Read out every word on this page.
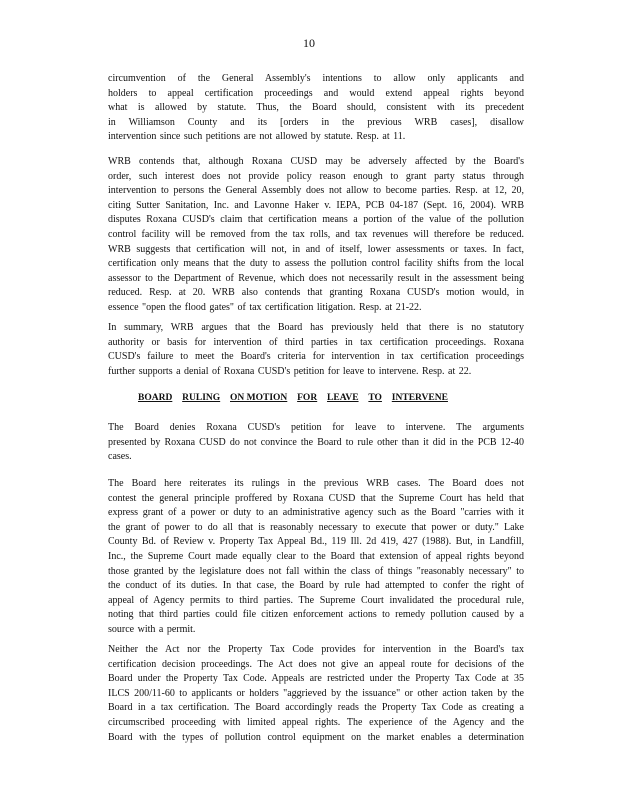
10

circumvention of the General Assembly's intentions to allow only applicants and
holders to appeal certification proceedings and would extend appeal rights beyond
what is allowed by statute. Thus, the Board should, consistent with its precedent
in Williamson County and its [orders in the previous WRB cases], disallow
intervention since such petitions are not allowed by statute. Resp. at 11.

WRB contends that, although Roxana CUSD may be adversely affected by the Board's
order, such interest does not provide policy reason enough to grant party status through
intervention to persons the General Assembly does not allow to become parties. Resp. at 12, 20,
citing Sutter Sanitation, Inc. and Lavonne Haker v. IEPA, PCB 04-187 (Sept. 16, 2004). WRB
disputes Roxana CUSD's claim that certification means a portion of the value of the pollution
control facility will be removed from the tax rolls, and tax revenues will therefore be reduced.
WRB suggests that certification will not, in and of itself, lower assessments or taxes. In fact,
certification only means that the duty to assess the pollution control facility shifts from the local
assessor to the Department of Revenue, which does not necessarily result in the assessment being
reduced. Resp. at 20. WRB also contends that granting Roxana CUSD's motion would, in
essence "open the flood gates" of tax certification litigation. Resp. at 21-22.

In summary, WRB argues that the Board has previously held that there is no statutory
authority or basis for intervention of third parties in tax certification proceedings. Roxana
CUSD's failure to meet the Board's criteria for intervention in tax certification proceedings
further supports a denial of Roxana CUSD's petition for leave to intervene. Resp. at 22.

BOARD RULING ON MOTION FOR LEAVE TO INTERVENE

The Board denies Roxana CUSD's petition for leave to intervene. The arguments
presented by Roxana CUSD do not convince the Board to rule other than it did in the PCB 12-40
cases.

The Board here reiterates its rulings in the previous WRB cases. The Board does not
contest the general principle proffered by Roxana CUSD that the Supreme Court has held that
express grant of a power or duty to an administrative agency such as the Board "carries with it
the grant of power to do all that is reasonably necessary to execute that power or duty." Lake
County Bd. of Review v. Property Tax Appeal Bd., 119 Ill. 2d 419, 427 (1988). But, in Landfill,
Inc., the Supreme Court made equally clear to the Board that extension of appeal rights beyond
those granted by the legislature does not fall within the class of things "reasonably necessary" to
the conduct of its duties. In that case, the Board by rule had attempted to confer the right of
appeal of Agency permits to third parties. The Supreme Court invalidated the procedural rule,
noting that third parties could file citizen enforcement actions to remedy pollution caused by a
source with a permit.

Neither the Act nor the Property Tax Code provides for intervention in the Board's tax
certification decision proceedings. The Act does not give an appeal route for decisions of the
Board under the Property Tax Code. Appeals are restricted under the Property Tax Code at 35
ILCS 200/11-60 to applicants or holders "aggrieved by the issuance" or other action taken by the
Board in a tax certification. The Board accordingly reads the Property Tax Code as creating a
circumscribed proceeding with limited appeal rights. The experience of the Agency and the
Board with the types of pollution control equipment on the market enables a determination
